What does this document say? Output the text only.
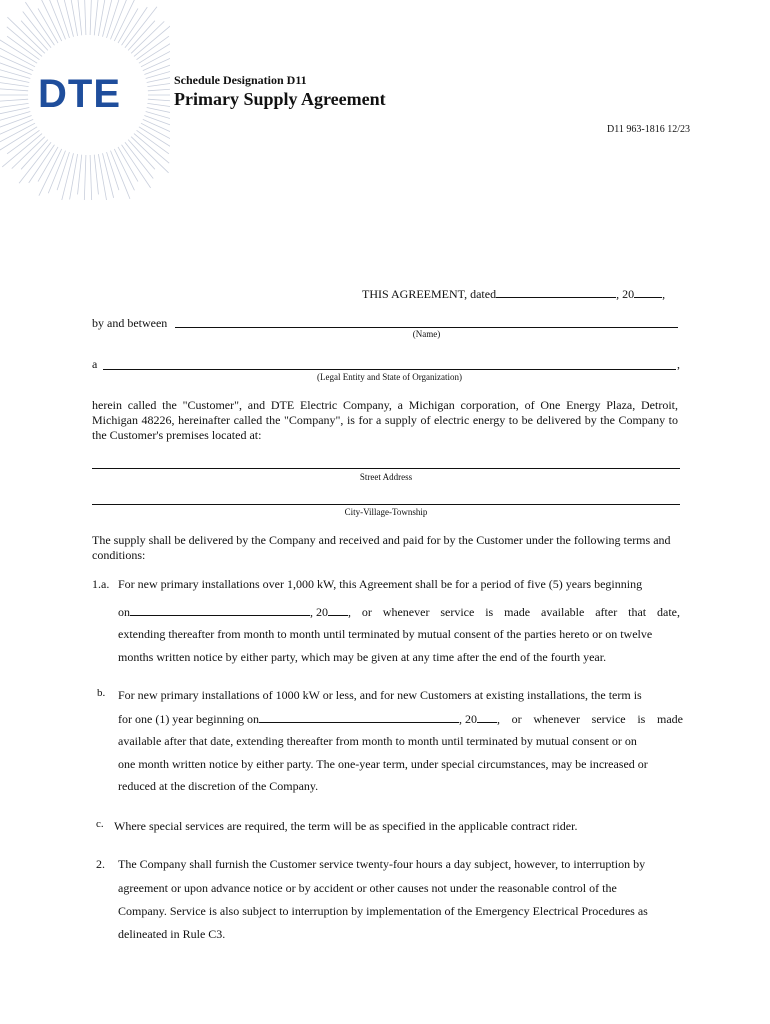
DTE	Schedule Designation D11
Primary Supply Agreement
D11 963-1816 12/23
THIS AGREEMENT, dated	, 20 ,
by and between
(Name)
a	,
(Legal Entity and State of Organization)
herein called the "Customer", and DTE Electric Company, a Michigan corporation, of One Energy Plaza, Detroit, Michigan 48226, hereinafter called the "Company", is for a supply of electric energy to be delivered by the Company to the Customer's premises located at:
Street Address
City-Village-Township
The supply shall be delivered by the Company and received and paid for by the Customer under the following terms and conditions:
1.a. For new primary installations over 1,000 kW, this Agreement shall be for a period of five (5) years beginning
on	, 20 , or whenever service is made available after that date,
extending thereafter from month to month until terminated by mutual consent of the parties hereto or on twelve
months written notice by either party, which may be given at any time after the end of the fourth year.
b. For new primary installations of 1000 kW or less, and for new Customers at existing installations, the term is
for one (1) year beginning on	, 20 , or whenever service is made
available after that date, extending thereafter from month to month until terminated by mutual consent or on
one month written notice by either party. The one-year term, under special circumstances, may be increased or
reduced at the discretion of the Company.
c. Where special services are required, the term will be as specified in the applicable contract rider.
2. The Company shall furnish the Customer service twenty-four hours a day subject, however, to interruption by
agreement or upon advance notice or by accident or other causes not under the reasonable control of the
Company. Service is also subject to interruption by implementation of the Emergency Electrical Procedures as
delineated in Rule C3.
